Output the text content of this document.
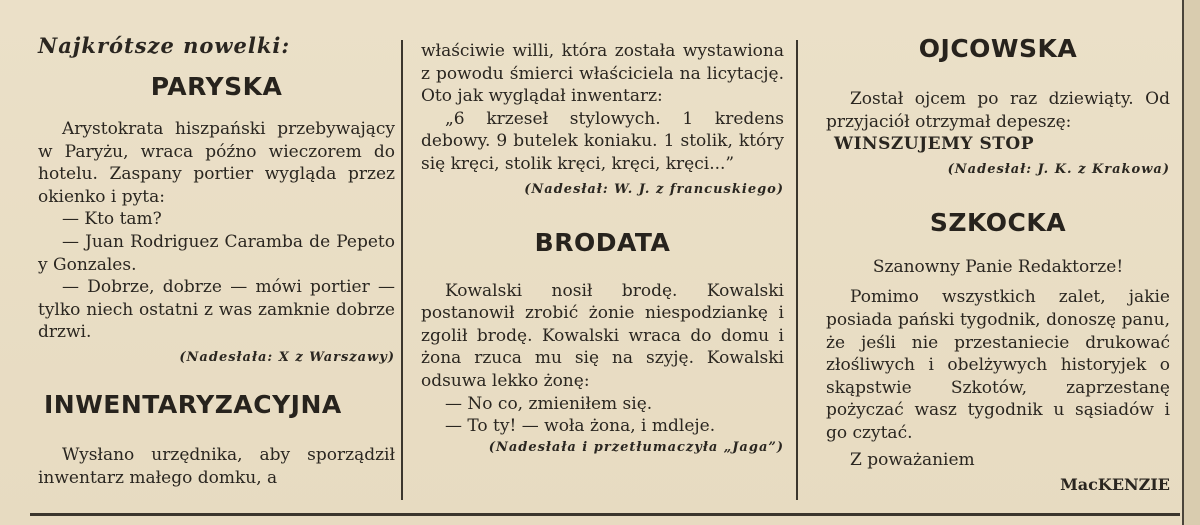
Najkrótsze nowelki:
PARYSKA

Arystokrata hiszpański przebywający w Paryżu, wraca późno wieczorem do hotelu. Zaspany portier wygląda przez okienko i pyta:

— Kto tam?

— Juan Rodriguez Caramba de Pepeto y Gonzales.

— Dobrze, dobrze — mówi portier — tylko niech ostatni z was zamknie dobrze drzwi.

(Nadesłała: X z Warszawy)
INWENTARYZACYJNA

Wysłano urzędnika, aby sporządził inwentarz małego domku, a

właściwie willi, która została wystawiona z powodu śmierci właściciela na licytację. Oto jak wyglądał inwentarz:

„6 krzeseł stylowych. 1 kredens debowy. 9 butelek koniaku. 1 stolik, który się kręci, stolik kręci, kręci, kręci...”

(Nadesłał: W. J. z francuskiego)
BRODATA

Kowalski nosił brodę. Kowalski postanowił zrobić żonie niespodziankę i zgolił brodę. Kowalski wraca do domu i żona rzuca mu się na szyję. Kowalski odsuwa lekko żonę:

— No co, zmieniłem się.

— To ty! — woła żona, i mdleje.

(Nadesłała i przetłumaczyła „Jaga”)
OJCOWSKA

Został ojcem po raz dziewiąty. Od przyjaciół otrzymał depeszę:

WINSZUJEMY STOP

(Nadesłał: J. K. z Krakowa)
SZKOCKA

Szanowny Panie Redaktorze!

Pomimo wszystkich zalet, jakie posiada pański tygodnik, donoszę panu, że jeśli nie przestaniecie drukować złośliwych i obelżywych historyjek o skąpstwie Szkotów, zaprzestanę pożyczać wasz tygodnik u sąsiadów i go czytać.

Z poważaniem

MacKENZIE
